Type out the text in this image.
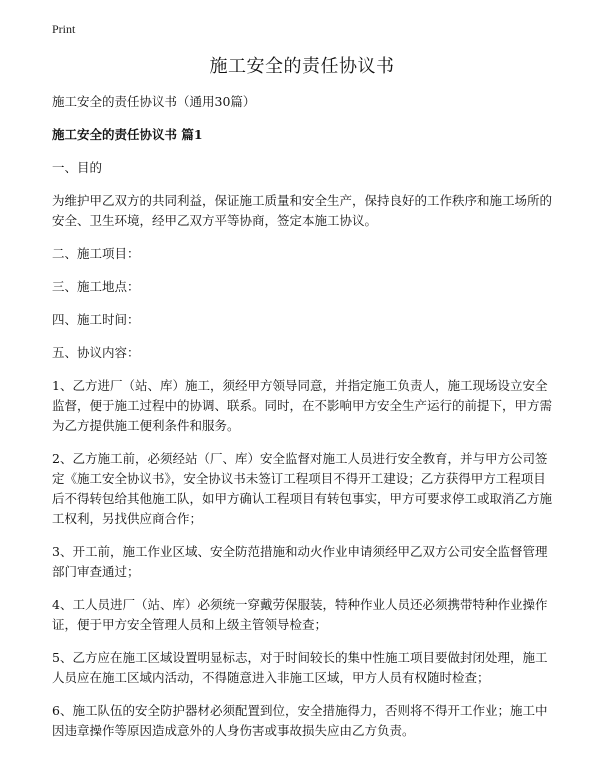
Print
施工安全的责任协议书
施工安全的责任协议书（通用30篇）
施工安全的责任协议书 篇1
一、目的
为维护甲乙双方的共同利益，保证施工质量和安全生产，保持良好的工作秩序和施工场所的安全、卫生环境，经甲乙双方平等协商，签定本施工协议。
二、施工项目：
三、施工地点：
四、施工时间：
五、协议内容：
1、乙方进厂（站、库）施工，须经甲方领导同意，并指定施工负责人，施工现场设立安全监督，便于施工过程中的协调、联系。同时，在不影响甲方安全生产运行的前提下，甲方需为乙方提供施工便利条件和服务。
2、乙方施工前，必须经站（厂、库）安全监督对施工人员进行安全教育，并与甲方公司签定《施工安全协议书》，安全协议书未签订工程项目不得开工建设；乙方获得甲方工程项目后不得转包给其他施工队，如甲方确认工程项目有转包事实，甲方可要求停工或取消乙方施工权利，另找供应商合作；
3、开工前，施工作业区域、安全防范措施和动火作业申请须经甲乙双方公司安全监督管理部门审查通过；
4、工人员进厂（站、库）必须统一穿戴劳保服装，特种作业人员还必须携带特种作业操作证，便于甲方安全管理人员和上级主管领导检查；
5、乙方应在施工区域设置明显标志，对于时间较长的集中性施工项目要做封闭处理，施工人员应在施工区域内活动，不得随意进入非施工区域，甲方人员有权随时检查；
6、施工队伍的安全防护器材必须配置到位，安全措施得力，否则将不得开工作业；施工中因违章操作等原因造成意外的人身伤害或事故损失应由乙方负责。
